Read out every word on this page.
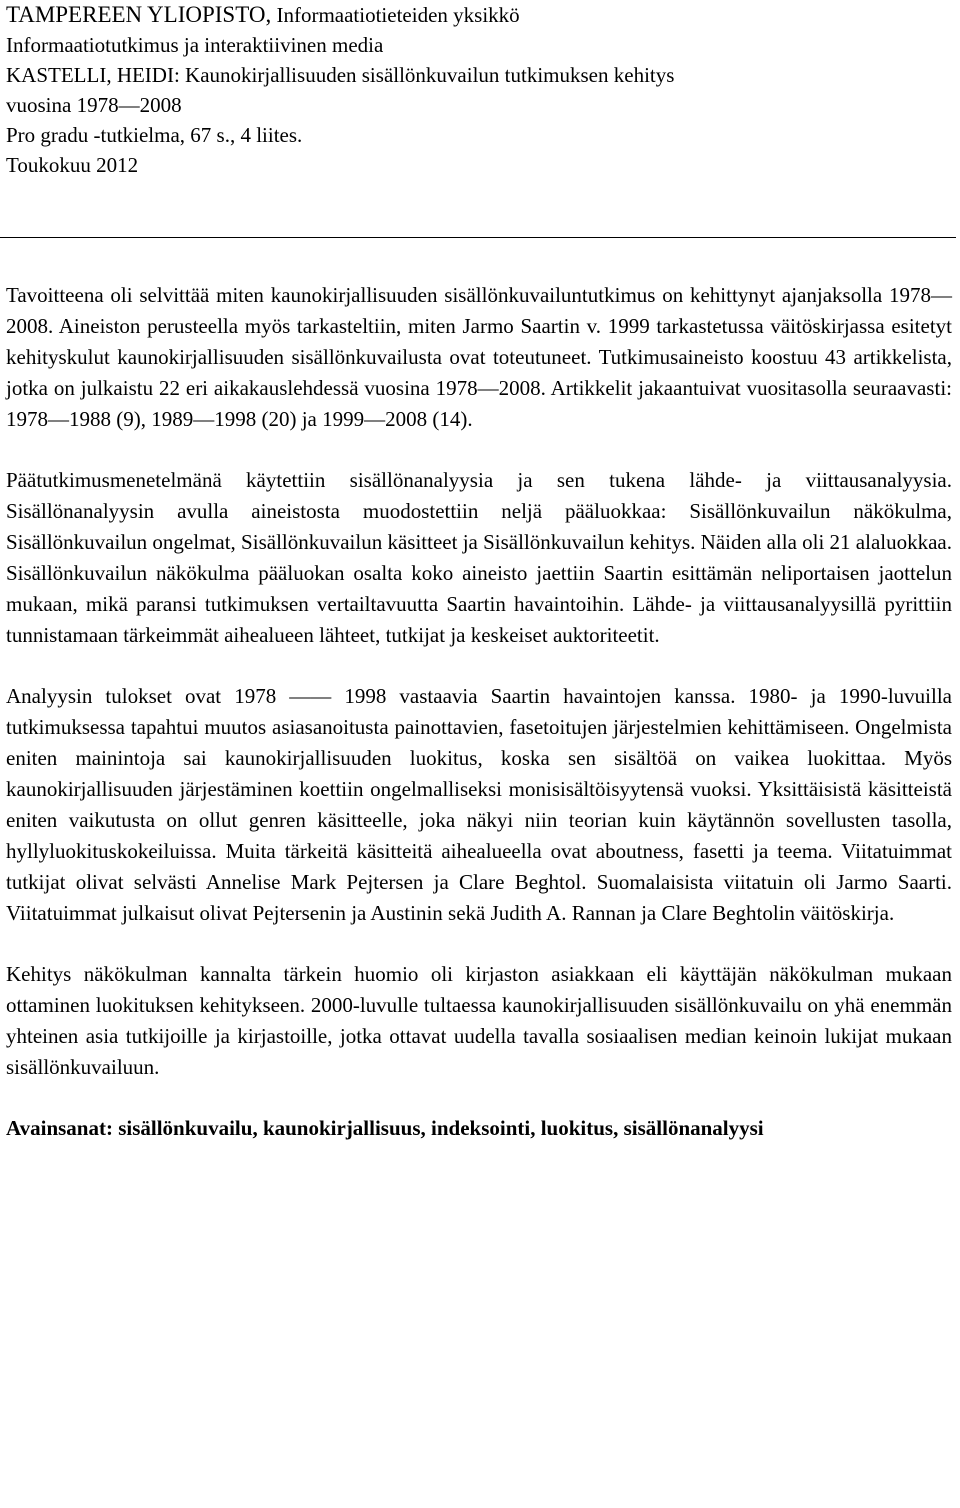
TAMPEREEN YLIOPISTO, Informaatiotieteiden yksikkö
Informaatiotutkimus ja interaktiivinen media
KASTELLI, HEIDI: Kaunokirjallisuuden sisällönkuvailun tutkimuksen kehitys
vuosina 1978—2008
Pro gradu -tutkielma, 67 s., 4 liites.
Toukokuu 2012

Tavoitteena oli selvittää miten kaunokirjallisuuden sisällönkuvailuntutkimus on kehittynyt ajanjaksolla 1978—2008. Aineiston perusteella myös tarkasteltiin, miten Jarmo Saartin v. 1999 tarkastetussa väitöskirjassa esitetyt kehityskulut kaunokirjallisuuden sisällönkuvailusta ovat toteutuneet. Tutkimusaineisto koostuu 43 artikkelista, jotka on julkaistu 22 eri aikakauslehdessä vuosina 1978—2008. Artikkelit jakaantuivat vuositasolla seuraavasti: 1978—1988 (9), 1989—1998 (20) ja 1999—2008 (14).

Päätutkimusmenetelmänä käytettiin sisällönanalyysia ja sen tukena lähde- ja viittausanalyysia. Sisällönanalyysin avulla aineistosta muodostettiin neljä pääluokkaa: Sisällönkuvailun näkökulma, Sisällönkuvailun ongelmat, Sisällönkuvailun käsitteet ja Sisällönkuvailun kehitys. Näiden alla oli 21 alaluokkaa. Sisällönkuvailun näkökulma pääluokan osalta koko aineisto jaettiin Saartin esittämän neliportaisen jaottelun mukaan, mikä paransi tutkimuksen vertailtavuutta Saartin havaintoihin. Lähde- ja viittausanalyysillä pyrittiin tunnistamaan tärkeimmät aihealueen lähteet, tutkijat ja keskeiset auktoriteetit.

Analyysin tulokset ovat 1978 —— 1998 vastaavia Saartin havaintojen kanssa. 1980- ja 1990-luvuilla tutkimuksessa tapahtui muutos asiasanoitusta painottavien, fasetoitujen järjestelmien kehittämiseen. Ongelmista eniten mainintoja sai kaunokirjallisuuden luokitus, koska sen sisältöä on vaikea luokittaa. Myös kaunokirjallisuuden järjestäminen koettiin ongelmalliseksi monisisältöisyytensä vuoksi. Yksittäisistä käsitteistä eniten vaikutusta on ollut genren käsitteelle, joka näkyi niin teorian kuin käytännön sovellusten tasolla, hyllyluokituskokeiluissa. Muita tärkeitä käsitteitä aihealueella ovat aboutness, fasetti ja teema. Viitatuimmat tutkijat olivat selvästi Annelise Mark Pejtersen ja Clare Beghtol. Suomalaisista viitatuin oli Jarmo Saarti. Viitatuimmat julkaisut olivat Pejtersenin ja Austinin sekä Judith A. Rannan ja Clare Beghtolin väitöskirja.

Kehitys näkökulman kannalta tärkein huomio oli kirjaston asiakkaan eli käyttäjän näkökulman mukaan ottaminen luokituksen kehitykseen. 2000-luvulle tultaessa kaunokirjallisuuden sisällönkuvailu on yhä enemmän yhteinen asia tutkijoille ja kirjastoille, jotka ottavat uudella tavalla sosiaalisen median keinoin lukijat mukaan sisällönkuvailuun.

Avainsanat: sisällönkuvailu, kaunokirjallisuus, indeksointi, luokitus, sisällönanalyysi
